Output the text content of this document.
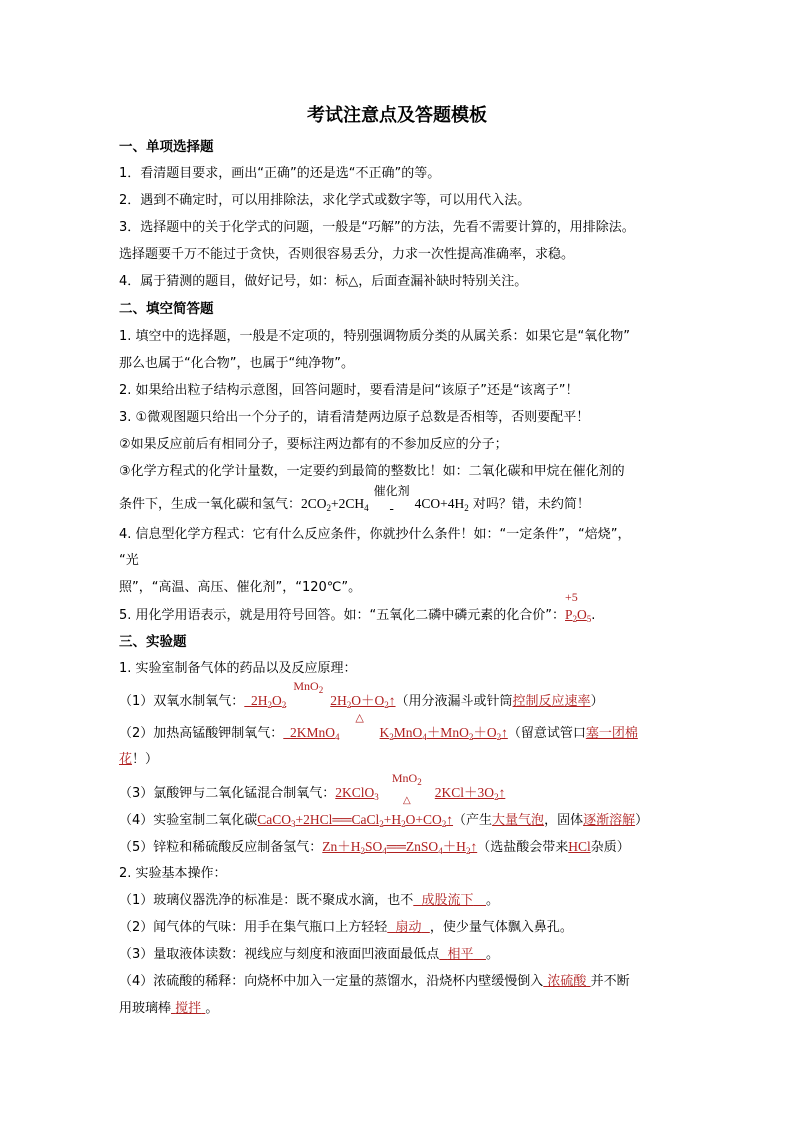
考试注意点及答题模板
一、单项选择题
1．看清题目要求，画出“正确”的还是选“不正确”的等。
2．遇到不确定时，可以用排除法，求化学式或数字等，可以用代入法。
3．选择题中的关于化学式的问题，一般是“巧解”的方法，先看不需要计算的，用排除法。
选择题要千万不能过于贪快，否则很容易丢分，力求一次性提高准确率，求稳。
4．属于猜测的题目，做好记号，如：标△，后面查漏补缺时特别关注。
二、填空简答题
1. 填空中的选择题，一般是不定项的，特别强调物质分类的从属关系：如果它是“氧化物”
那么也属于“化合物”，也属于“纯净物”。
2. 如果给出粒子结构示意图，回答问题时，要看清是问“该原子”还是“该离子”！
3. ①微观图题只给出一个分子的，请看清楚两边原子总数是否相等，否则要配平！
②如果反应前后有相同分子，要标注两边都有的不参加反应的分子；
③化学方程式的化学计量数，一定要约到最简的整数比！如：二氧化碳和甲烷在催化剂的
条件下，生成一氧化碳和氢气：$2CO_2+2CH_4$
催化剂
$4CO+4H_2$ 对吗？错，未约简！
4. 信息型化学方程式：它有什么反应条件，你就抄什么条件！如：“一定条件”，“焙烧”，
“光
照”，“高温、高压、催化剂”，“120℃”。
5. 用化学用语表示，就是用符号回答。如：“五氧化二磷中磷元素的化合价”：
+5
$P_2O_5$.
三、实验题
1. 实验室制备气体的药品以及反应原理：
（1）双氧水制氧气： $2H_2O_2$
MnO$_2$
$2H_2O+O_2↑$（用分液漏斗或针筒控制反应速率）
（2）加热高锰酸钾制氧气： 2KMnO$_4$
△
$K_2MnO_4+MnO_2+O_2↑$（留意试管口塞一团棉
花！）
（3）氯酸钾与二氧化锰混合制氧气：2KClO$_3$
MnO$_2$
△
$2KCl+3O_2↑$
（4）实验室制二氧化碳$CaCO_3+2HCl══CaCl_2+H_2O+CO_2↑$（产生大量气泡，固体逐渐溶解）
（5）锌粒和稀硫酸反应制备氢气：$Zn+H_2SO_4══ZnSO_4+H_2↑$（选盐酸会带来HCl杂质）
2. 实验基本操作：
（1）玻璃仪器洗净的标准是：既不聚成水滴，也不 成股流下 。
（2）闻气体的气味：用手在集气瓶口上方轻轻 扇动 ，使少量气体飘入鼻孔。
（3）量取液体读数：视线应与刻度和液面凹液面最低点 相平 。
（4）浓硫酸的稀释：向烧杯中加入一定量的蒸馏水，沿烧杯内壁缓慢倒入 浓硫酸 并不断
用玻璃棒 搅拌 。
